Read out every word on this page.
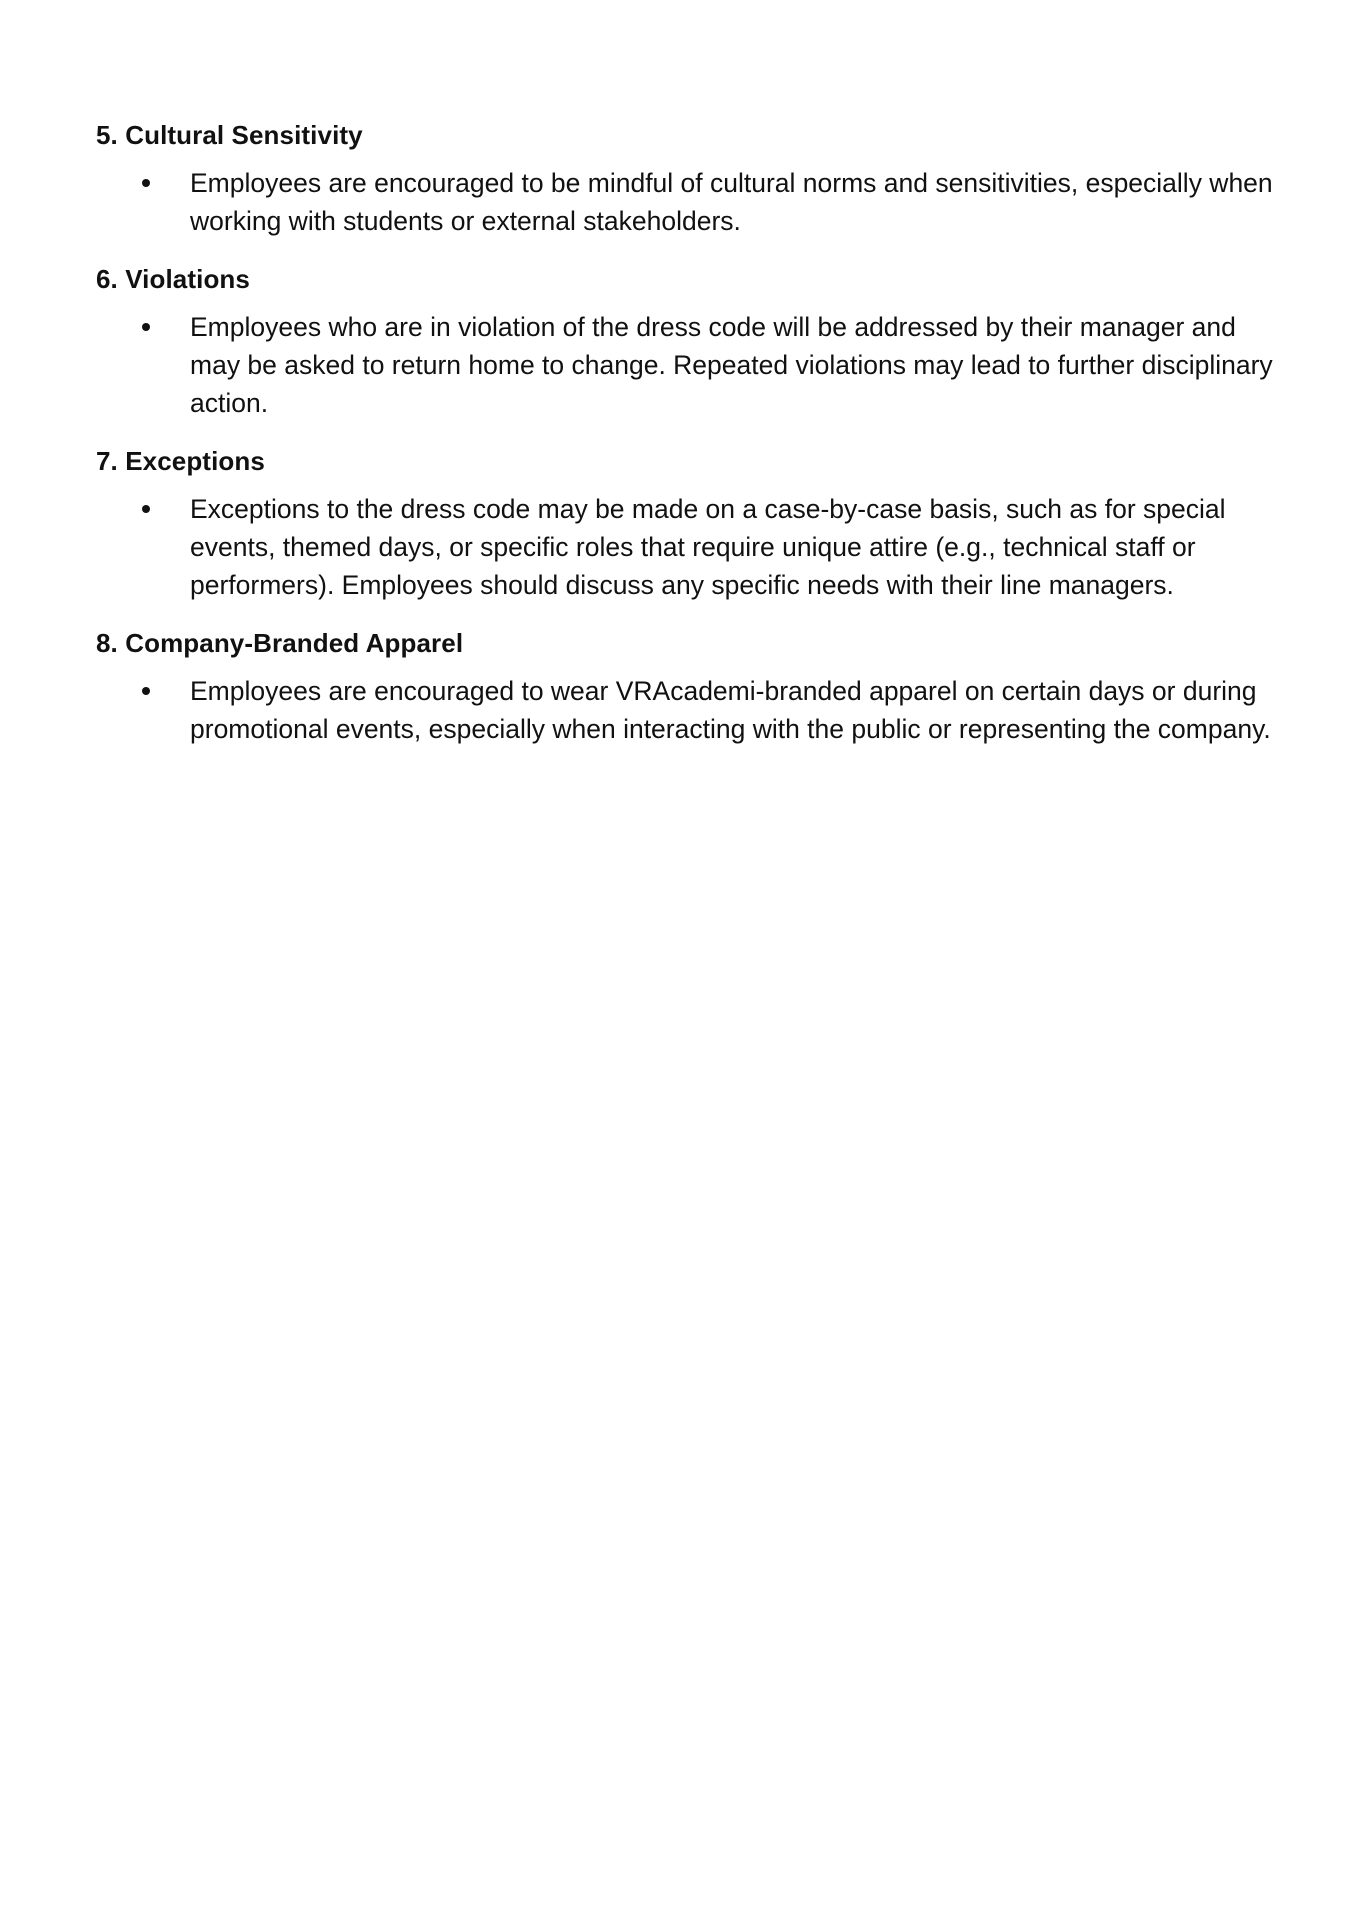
5. Cultural Sensitivity
Employees are encouraged to be mindful of cultural norms and sensitivities, especially when working with students or external stakeholders.
6. Violations
Employees who are in violation of the dress code will be addressed by their manager and may be asked to return home to change. Repeated violations may lead to further disciplinary action.
7. Exceptions
Exceptions to the dress code may be made on a case-by-case basis, such as for special events, themed days, or specific roles that require unique attire (e.g., technical staff or performers). Employees should discuss any specific needs with their line managers.
8. Company-Branded Apparel
Employees are encouraged to wear VRAcademi-branded apparel on certain days or during promotional events, especially when interacting with the public or representing the company.
